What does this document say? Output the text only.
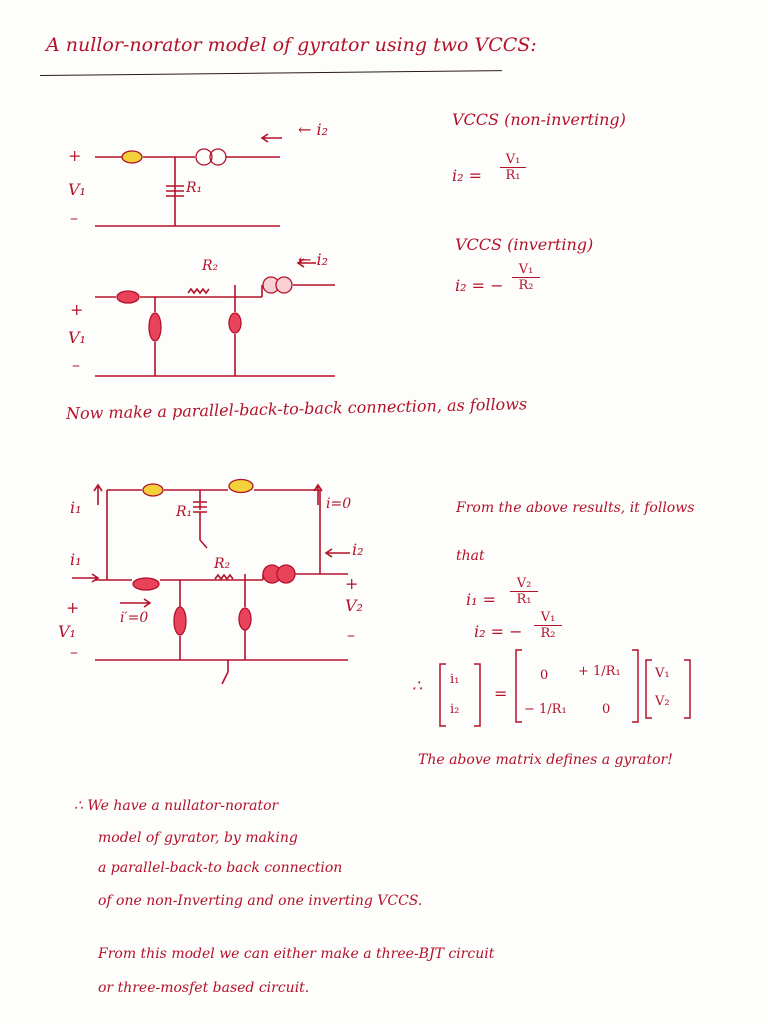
A nullor-norator model of gyrator using two VCCS:
← i₂
+
V₁
–
R₁
← i₂
R₂
+
V₁
–
VCCS (non-inverting)
$i_2 = \frac{\text{V₁}}{\text{R₁}}$
VCCS (inverting)
i₂ = − $\frac{\text{V₁}}{\text{R₂}}$
Now make a parallel-back-to-back connection, as follows
i₁
i₁
i=0
i′=0
i₂
R₁
R₂
+
V₁
–
+
V₂
–
From the above results, it follows
that
$i_1 = \frac{\text{V₂}}{\text{R₁}}$
i₂ = − $\frac{\text{V₁}}{\text{R₂}}$
∴ i₁
i₂
=
0 + 1/R₁
− 1/R₁	0
V₁
V₂
The above matrix defines a gyrator!
∴ We have a nullator-norator
model of gyrator, by making
a parallel-back-to back connection
of one non-Inverting and one inverting VCCS.
From this model we can either make a three-BJT circuit
or three-mosfet based circuit.
